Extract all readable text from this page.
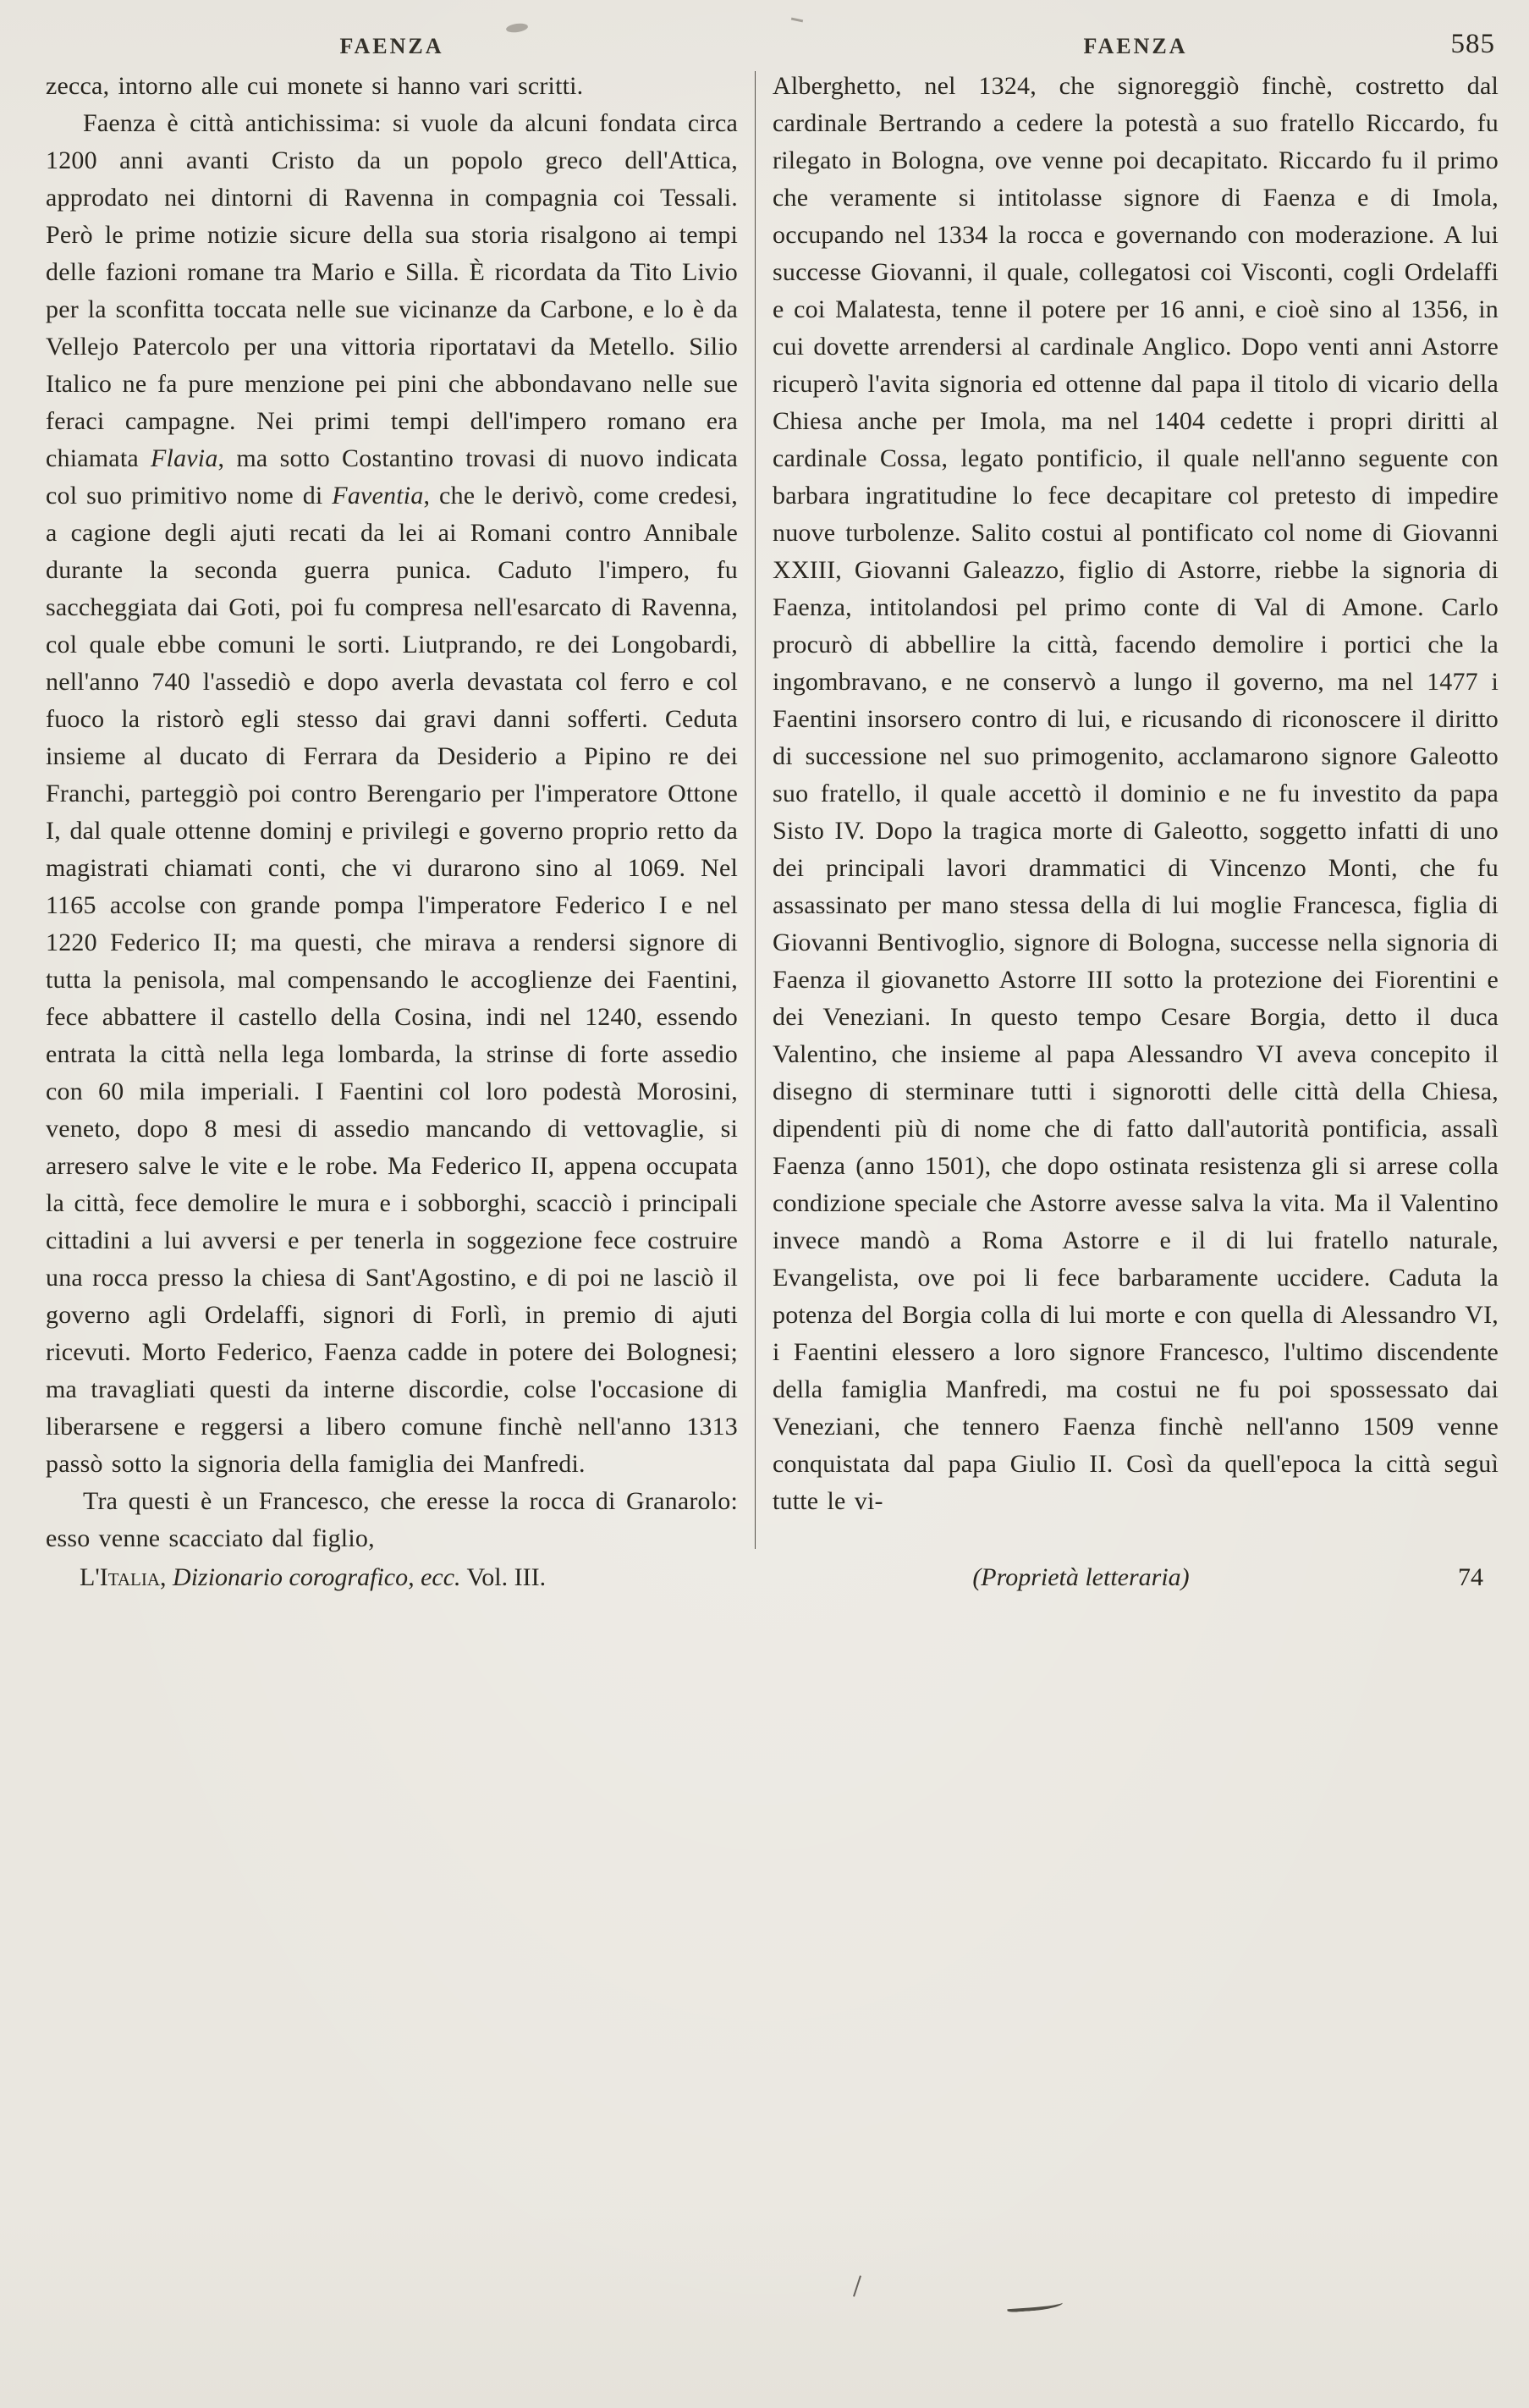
FAENZA	FAENZA	585

zecca, intorno alle cui monete si hanno vari scritti.

Faenza è città antichissima: si vuole da alcuni fondata circa 1200 anni avanti Cristo da un popolo greco dell'Attica, approdato nei dintorni di Ravenna in compagnia coi Tessali. Però le prime notizie sicure della sua storia risalgono ai tempi delle fazioni romane tra Mario e Silla. È ricordata da Tito Livio per la sconfitta toccata nelle sue vicinanze da Carbone, e lo è da Vellejo Patercolo per una vittoria riportatavi da Metello. Silio Italico ne fa pure menzione pei pini che abbondavano nelle sue feraci campagne. Nei primi tempi dell'impero romano era chiamata Flavia, ma sotto Costantino trovasi di nuovo indicata col suo primitivo nome di Faventia, che le derivò, come credesi, a cagione degli ajuti recati da lei ai Romani contro Annibale durante la seconda guerra punica. Caduto l'impero, fu saccheggiata dai Goti, poi fu compresa nell'esarcato di Ravenna, col quale ebbe comuni le sorti. Liutprando, re dei Longobardi, nell'anno 740 l'assediò e dopo averla devastata col ferro e col fuoco la ristorò egli stesso dai gravi danni sofferti. Ceduta insieme al ducato di Ferrara da Desiderio a Pipino re dei Franchi, parteggiò poi contro Berengario per l'imperatore Ottone I, dal quale ottenne dominj e privilegi e governo proprio retto da magistrati chiamati conti, che vi durarono sino al 1069. Nel 1165 accolse con grande pompa l'imperatore Federico I e nel 1220 Federico II; ma questi, che mirava a rendersi signore di tutta la penisola, mal compensando le accoglienze dei Faentini, fece abbattere il castello della Cosina, indi nel 1240, essendo entrata la città nella lega lombarda, la strinse di forte assedio con 60 mila imperiali. I Faentini col loro podestà Morosini, veneto, dopo 8 mesi di assedio mancando di vettovaglie, si arresero salve le vite e le robe. Ma Federico II, appena occupata la città, fece demolire le mura e i sobborghi, scacciò i principali cittadini a lui avversi e per tenerla in soggezione fece costruire una rocca presso la chiesa di Sant'Agostino, e di poi ne lasciò il governo agli Ordelaffi, signori di Forlì, in premio di ajuti ricevuti. Morto Federico, Faenza cadde in potere dei Bolognesi; ma travagliati questi da interne discordie, colse l'occasione di liberarsene e reggersi a libero comune finchè nell'anno 1313 passò sotto la signoria della famiglia dei Manfredi.

Tra questi è un Francesco, che eresse la rocca di Granarolo: esso venne scacciato dal figlio,

Alberghetto, nel 1324, che signoreggiò finchè, costretto dal cardinale Bertrando a cedere la potestà a suo fratello Riccardo, fu rilegato in Bologna, ove venne poi decapitato. Riccardo fu il primo che veramente si intitolasse signore di Faenza e di Imola, occupando nel 1334 la rocca e governando con moderazione. A lui successe Giovanni, il quale, collegatosi coi Visconti, cogli Ordelaffi e coi Malatesta, tenne il potere per 16 anni, e cioè sino al 1356, in cui dovette arrendersi al cardinale Anglico. Dopo venti anni Astorre ricuperò l'avita signoria ed ottenne dal papa il titolo di vicario della Chiesa anche per Imola, ma nel 1404 cedette i propri diritti al cardinale Cossa, legato pontificio, il quale nell'anno seguente con barbara ingratitudine lo fece decapitare col pretesto di impedire nuove turbolenze. Salito costui al pontificato col nome di Giovanni XXIII, Giovanni Galeazzo, figlio di Astorre, riebbe la signoria di Faenza, intitolandosi pel primo conte di Val di Amone. Carlo procurò di abbellire la città, facendo demolire i portici che la ingombravano, e ne conservò a lungo il governo, ma nel 1477 i Faentini insorsero contro di lui, e ricusando di riconoscere il diritto di successione nel suo primogenito, acclamarono signore Galeotto suo fratello, il quale accettò il dominio e ne fu investito da papa Sisto IV. Dopo la tragica morte di Galeotto, soggetto infatti di uno dei principali lavori drammatici di Vincenzo Monti, che fu assassinato per mano stessa della di lui moglie Francesca, figlia di Giovanni Bentivoglio, signore di Bologna, successe nella signoria di Faenza il giovanetto Astorre III sotto la protezione dei Fiorentini e dei Veneziani. In questo tempo Cesare Borgia, detto il duca Valentino, che insieme al papa Alessandro VI aveva concepito il disegno di sterminare tutti i signorotti delle città della Chiesa, dipendenti più di nome che di fatto dall'autorità pontificia, assalì Faenza (anno 1501), che dopo ostinata resistenza gli si arrese colla condizione speciale che Astorre avesse salva la vita. Ma il Valentino invece mandò a Roma Astorre e il di lui fratello naturale, Evangelista, ove poi li fece barbaramente uccidere. Caduta la potenza del Borgia colla di lui morte e con quella di Alessandro VI, i Faentini elessero a loro signore Francesco, l'ultimo discendente della famiglia Manfredi, ma costui ne fu poi spossessato dai Veneziani, che tennero Faenza finchè nell'anno 1509 venne conquistata dal papa Giulio II. Così da quell'epoca la città seguì tutte le vi-

L'Italia, Dizionario corografico, ecc. Vol. III.	(Proprietà letteraria)	74
